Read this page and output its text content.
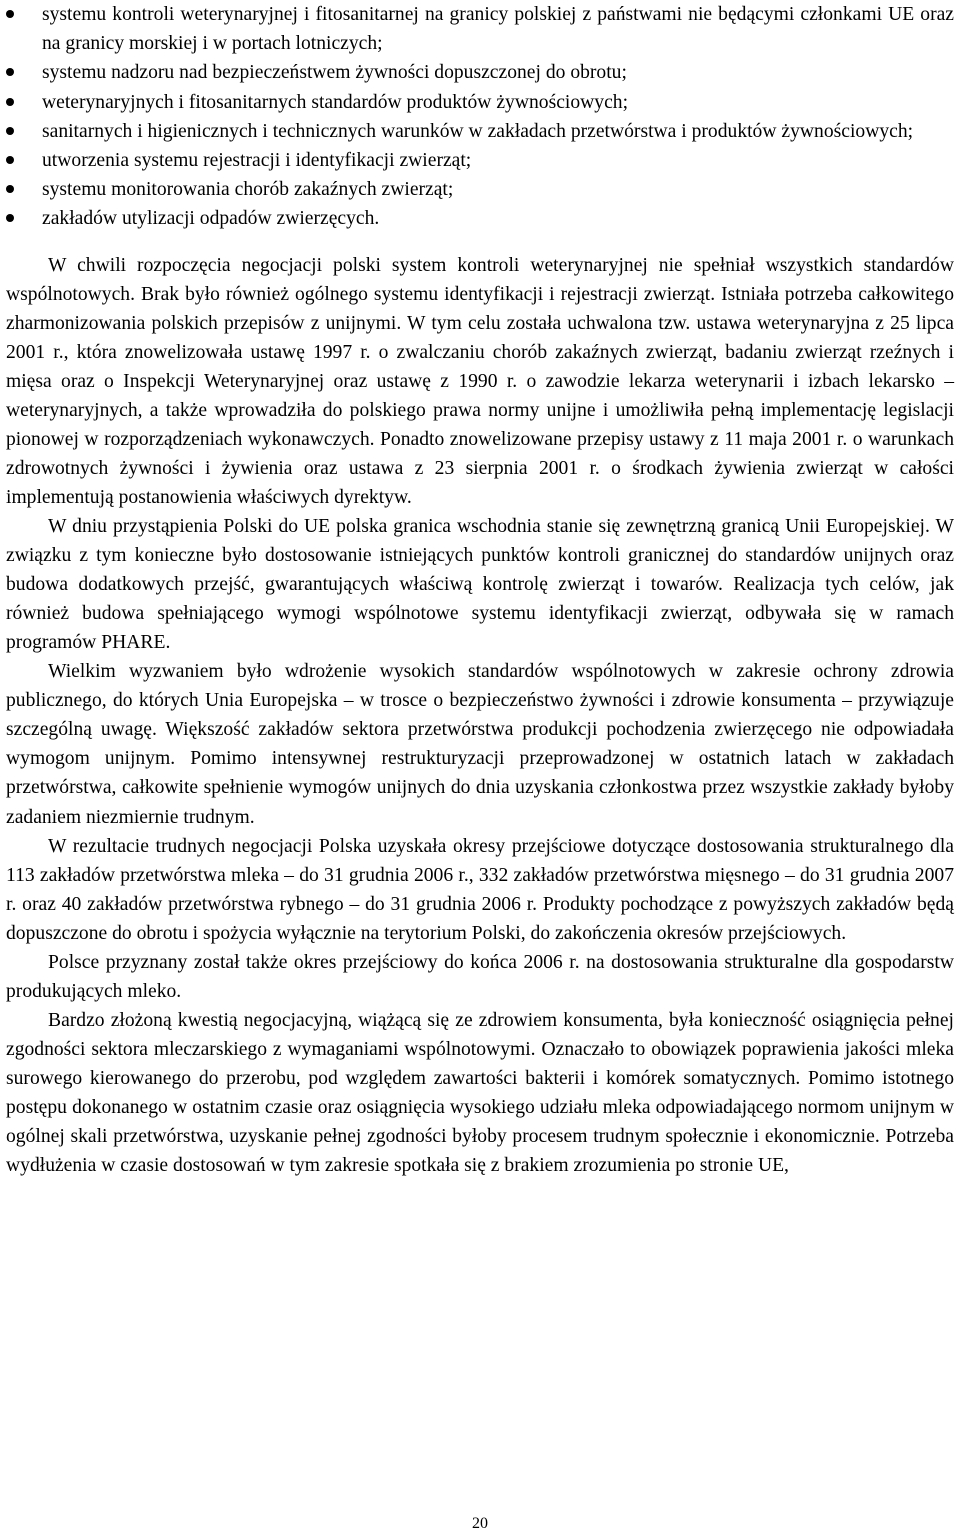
systemu kontroli weterynaryjnej i fitosanitarnej na granicy polskiej z państwami nie będącymi członkami UE oraz na granicy morskiej i w portach lotniczych;
systemu nadzoru nad bezpieczeństwem żywności dopuszczonej do obrotu;
weterynaryjnych i fitosanitarnych standardów produktów żywnościowych;
sanitarnych i higienicznych i technicznych warunków w zakładach przetwórstwa i produktów żywnościowych;
utworzenia systemu rejestracji i identyfikacji zwierząt;
systemu monitorowania chorób zakaźnych zwierząt;
zakładów utylizacji odpadów zwierzęcych.

W chwili rozpoczęcia negocjacji polski system kontroli weterynaryjnej nie spełniał wszystkich standardów wspólnotowych. Brak było również ogólnego systemu identyfikacji i rejestracji zwierząt. Istniała potrzeba całkowitego zharmonizowania polskich przepisów z unijnymi. W tym celu została uchwalona tzw. ustawa weterynaryjna z 25 lipca 2001 r., która znowelizowała ustawę 1997 r. o zwalczaniu chorób zakaźnych zwierząt, badaniu zwierząt rzeźnych i mięsa oraz o Inspekcji Weterynaryjnej oraz ustawę z 1990 r. o zawodzie lekarza weterynarii i izbach lekarsko – weterynaryjnych, a także wprowadziła do polskiego prawa normy unijne i umożliwiła pełną implementację legislacji pionowej w rozporządzeniach wykonawczych. Ponadto znowelizowane przepisy ustawy z 11 maja 2001 r. o warunkach zdrowotnych żywności i żywienia oraz ustawa z 23 sierpnia 2001 r. o środkach żywienia zwierząt w całości implementują postanowienia właściwych dyrektyw.

W dniu przystąpienia Polski do UE polska granica wschodnia stanie się zewnętrzną granicą Unii Europejskiej. W związku z tym konieczne było dostosowanie istniejących punktów kontroli granicznej do standardów unijnych oraz budowa dodatkowych przejść, gwarantujących właściwą kontrolę zwierząt i towarów. Realizacja tych celów, jak również budowa spełniającego wymogi wspólnotowe systemu identyfikacji zwierząt, odbywała się w ramach programów PHARE.

Wielkim wyzwaniem było wdrożenie wysokich standardów wspólnotowych w zakresie ochrony zdrowia publicznego, do których Unia Europejska – w trosce o bezpieczeństwo żywności i zdrowie konsumenta – przywiązuje szczególną uwagę. Większość zakładów sektora przetwórstwa produkcji pochodzenia zwierzęcego nie odpowiadała wymogom unijnym. Pomimo intensywnej restrukturyzacji przeprowadzonej w ostatnich latach w zakładach przetwórstwa, całkowite spełnienie wymogów unijnych do dnia uzyskania członkostwa przez wszystkie zakłady byłoby zadaniem niezmiernie trudnym.

W rezultacie trudnych negocjacji Polska uzyskała okresy przejściowe dotyczące dostosowania strukturalnego dla 113 zakładów przetwórstwa mleka – do 31 grudnia 2006 r., 332 zakładów przetwórstwa mięsnego – do 31 grudnia 2007 r. oraz 40 zakładów przetwórstwa rybnego – do 31 grudnia 2006 r. Produkty pochodzące z powyższych zakładów będą dopuszczone do obrotu i spożycia wyłącznie na terytorium Polski, do zakończenia okresów przejściowych.

Polsce przyznany został także okres przejściowy do końca 2006 r. na dostosowania strukturalne dla gospodarstw produkujących mleko.

Bardzo złożoną kwestią negocjacyjną, wiążącą się ze zdrowiem konsumenta, była konieczność osiągnięcia pełnej zgodności sektora mleczarskiego z wymaganiami wspólnotowymi. Oznaczało to obowiązek poprawienia jakości mleka surowego kierowanego do przerobu, pod względem zawartości bakterii i komórek somatycznych. Pomimo istotnego postępu dokonanego w ostatnim czasie oraz osiągnięcia wysokiego udziału mleka odpowiadającego normom unijnym w ogólnej skali przetwórstwa, uzyskanie pełnej zgodności byłoby procesem trudnym społecznie i ekonomicznie. Potrzeba wydłużenia w czasie dostosowań w tym zakresie spotkała się z brakiem zrozumienia po stronie UE,

20
